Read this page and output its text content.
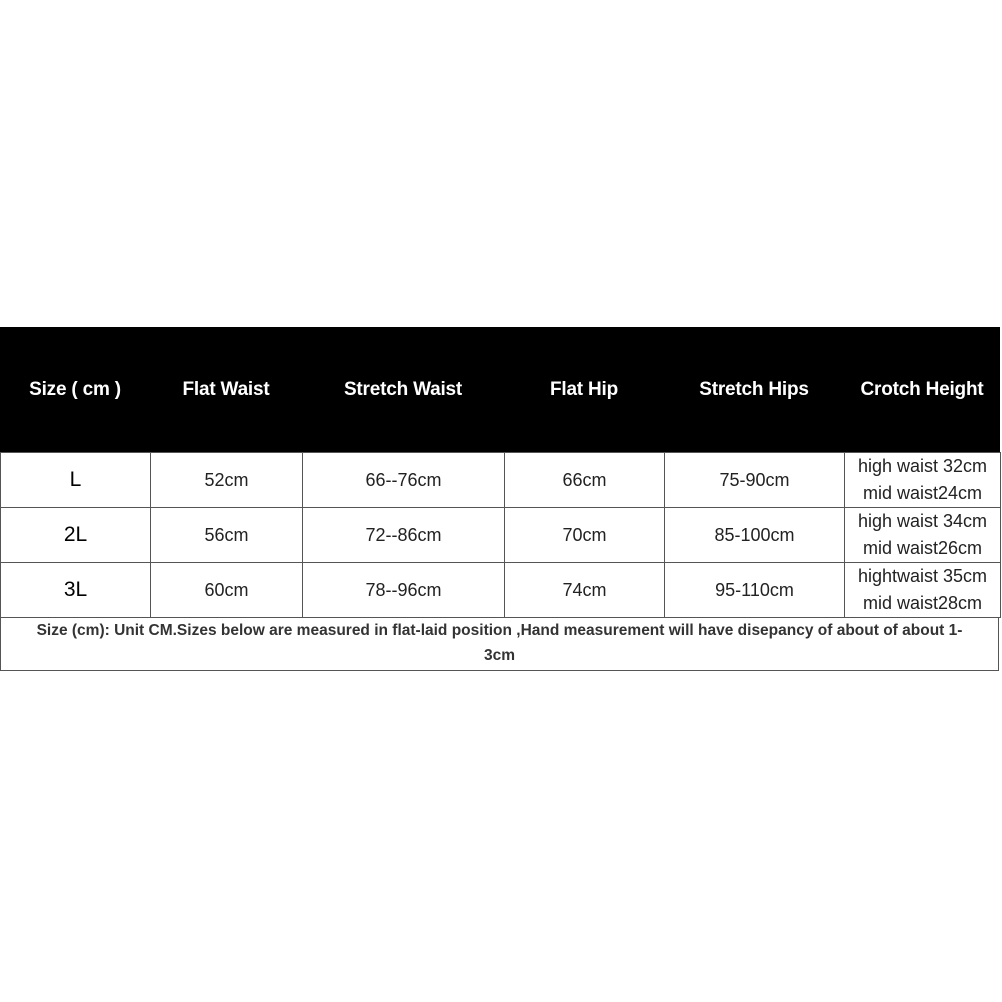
Size ( cm )	Flat Waist	Stretch Waist	Flat Hip	Stretch Hips	Crotch Height
L	52cm	66--76cm	66cm	75-90cm	high waist 32cm
mid waist24cm

2L	56cm	72--86cm	70cm	85-100cm	high waist 34cm
mid waist26cm

3L	60cm	78--96cm	74cm	95-110cm	hightwaist 35cm
mid waist28cm
Size (cm): Unit CM.Sizes below are measured in flat-laid position ,Hand measurement will have disepancy of about of about 1-
3cm
